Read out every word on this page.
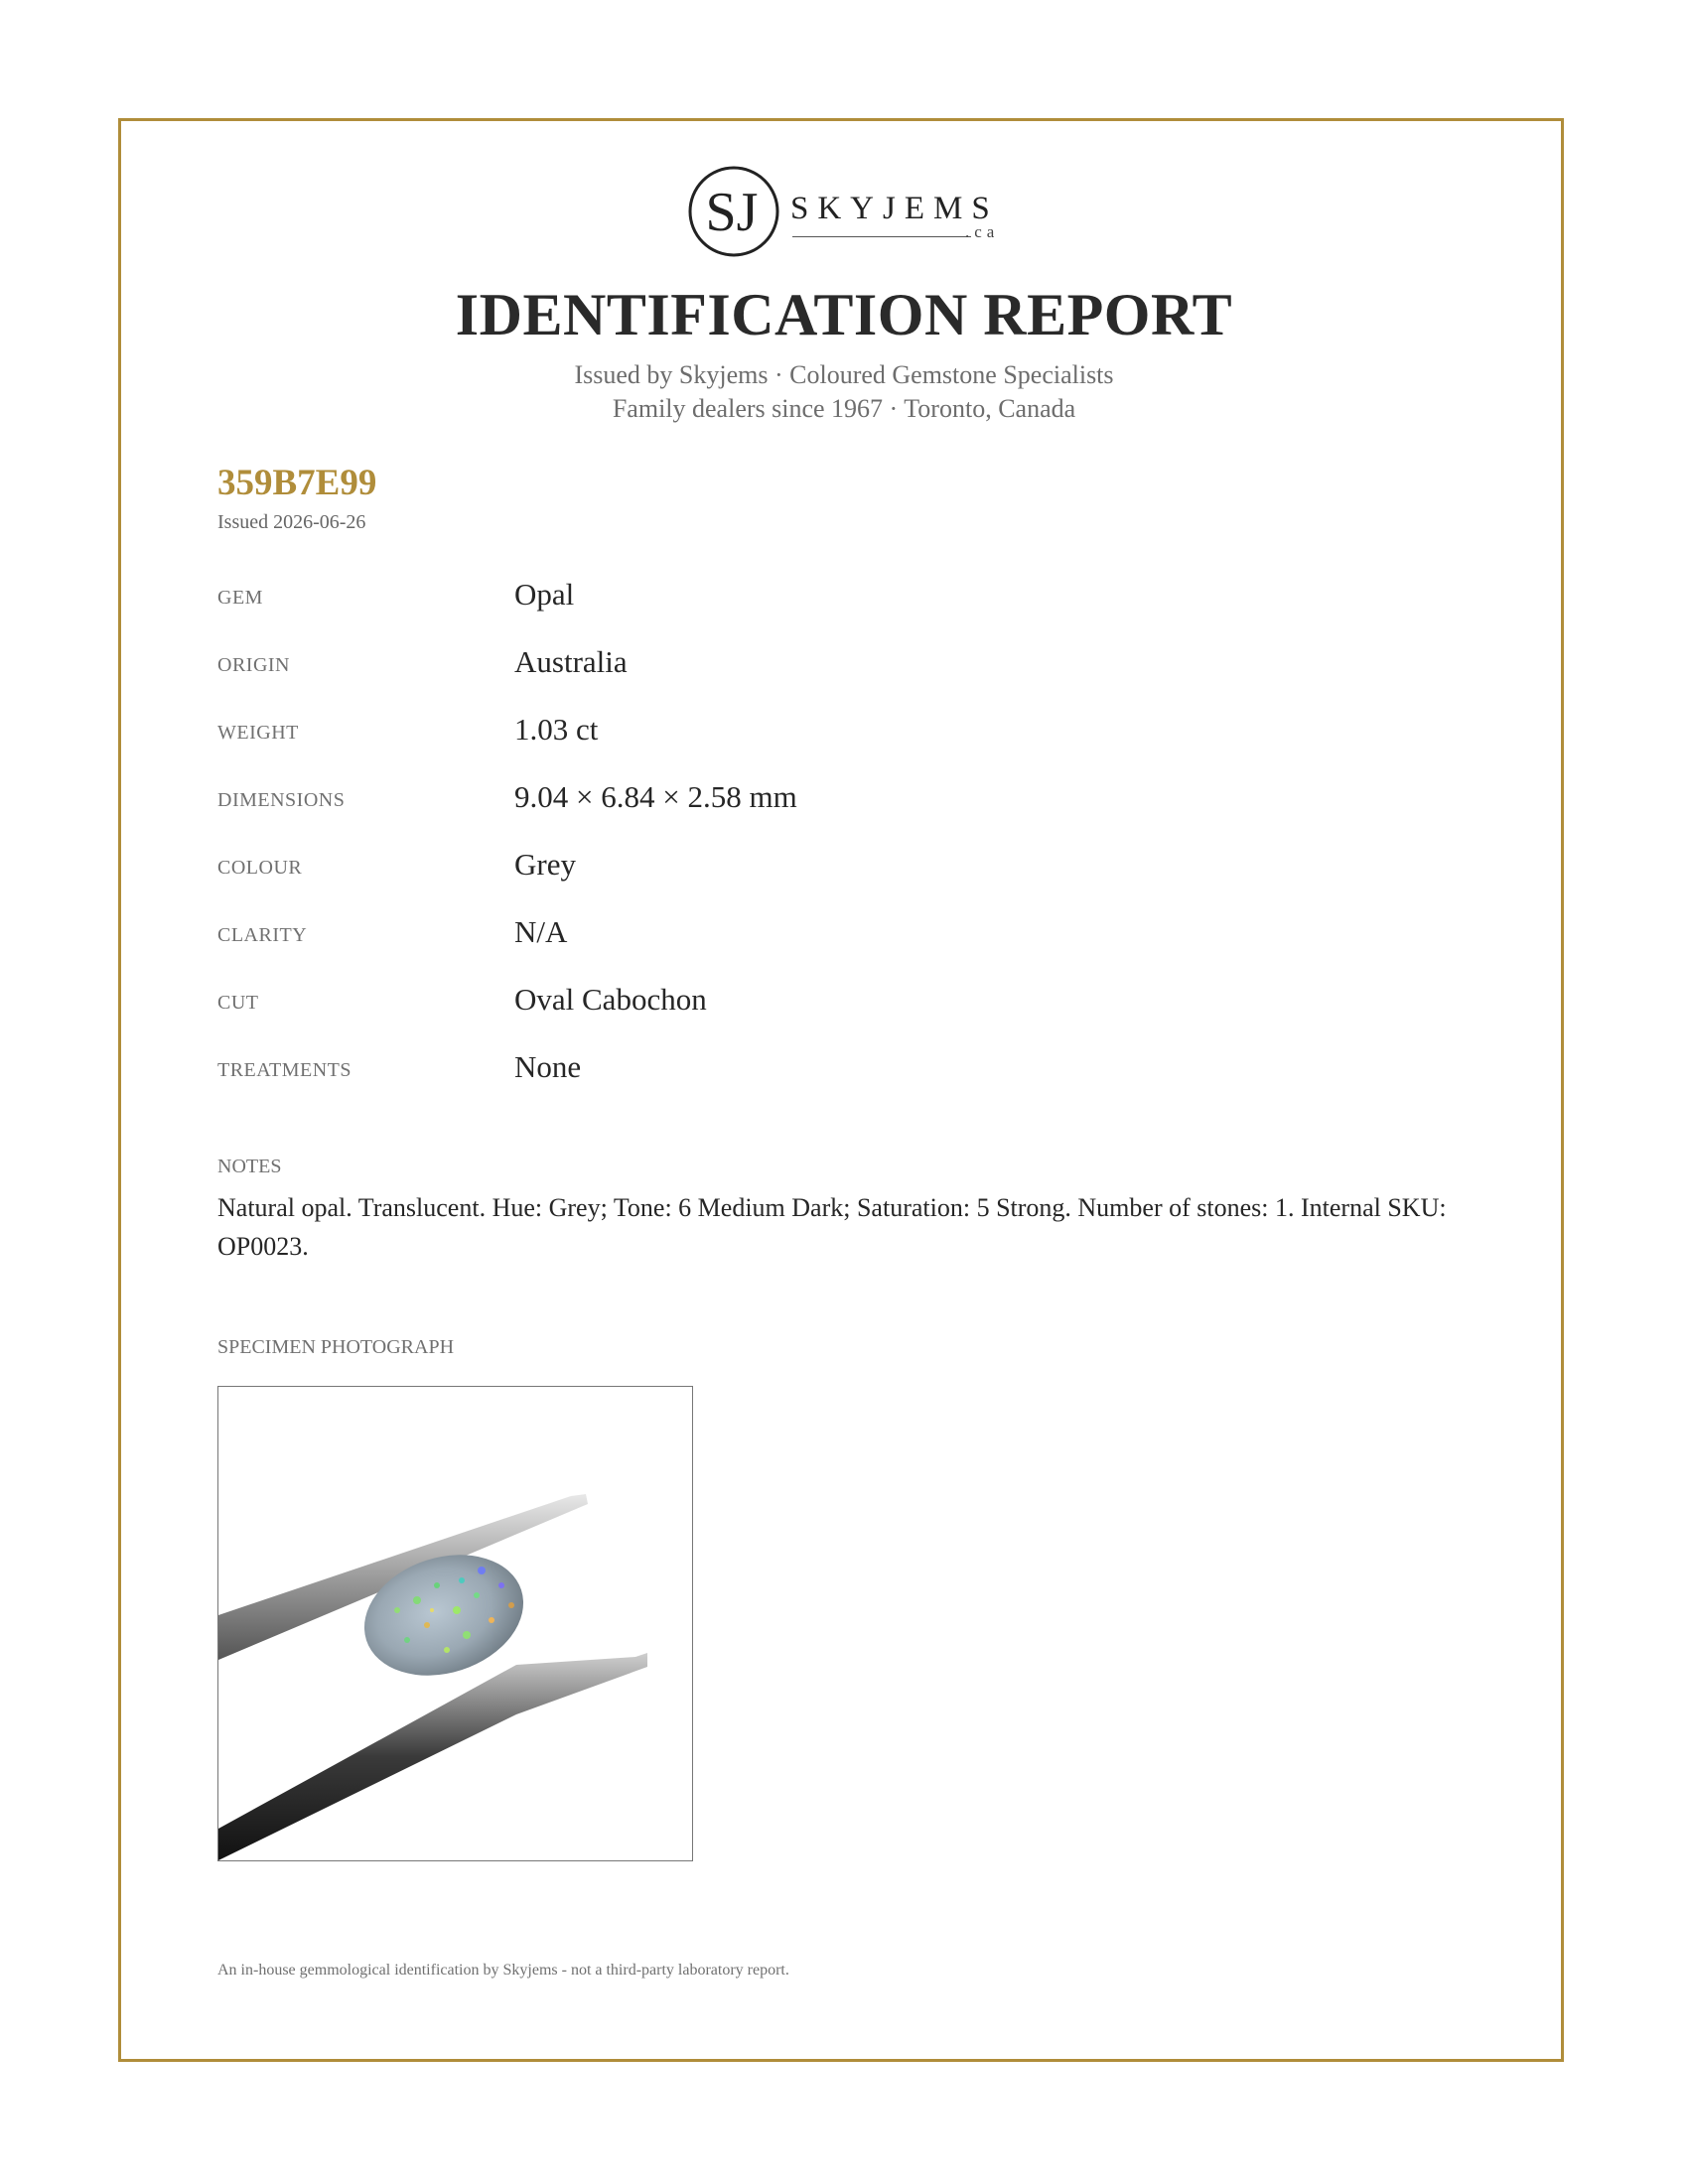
SJ SKYJEMS
.ca
IDENTIFICATION REPORT
Issued by Skyjems · Coloured Gemstone Specialists
Family dealers since 1967 · Toronto, Canada
359B7E99
Issued 2026-06-26
GEM	Opal
ORIGIN	Australia
WEIGHT	1.03 ct
DIMENSIONS	9.04 × 6.84 × 2.58 mm
COLOUR	Grey
CLARITY	N/A
CUT	Oval Cabochon
TREATMENTS	None
NOTES
Natural opal. Translucent. Hue: Grey; Tone: 6 Medium Dark; Saturation: 5 Strong. Number of stones: 1. Internal SKU: OP0023.
SPECIMEN PHOTOGRAPH
An in-house gemmological identification by Skyjems - not a third-party laboratory report.
